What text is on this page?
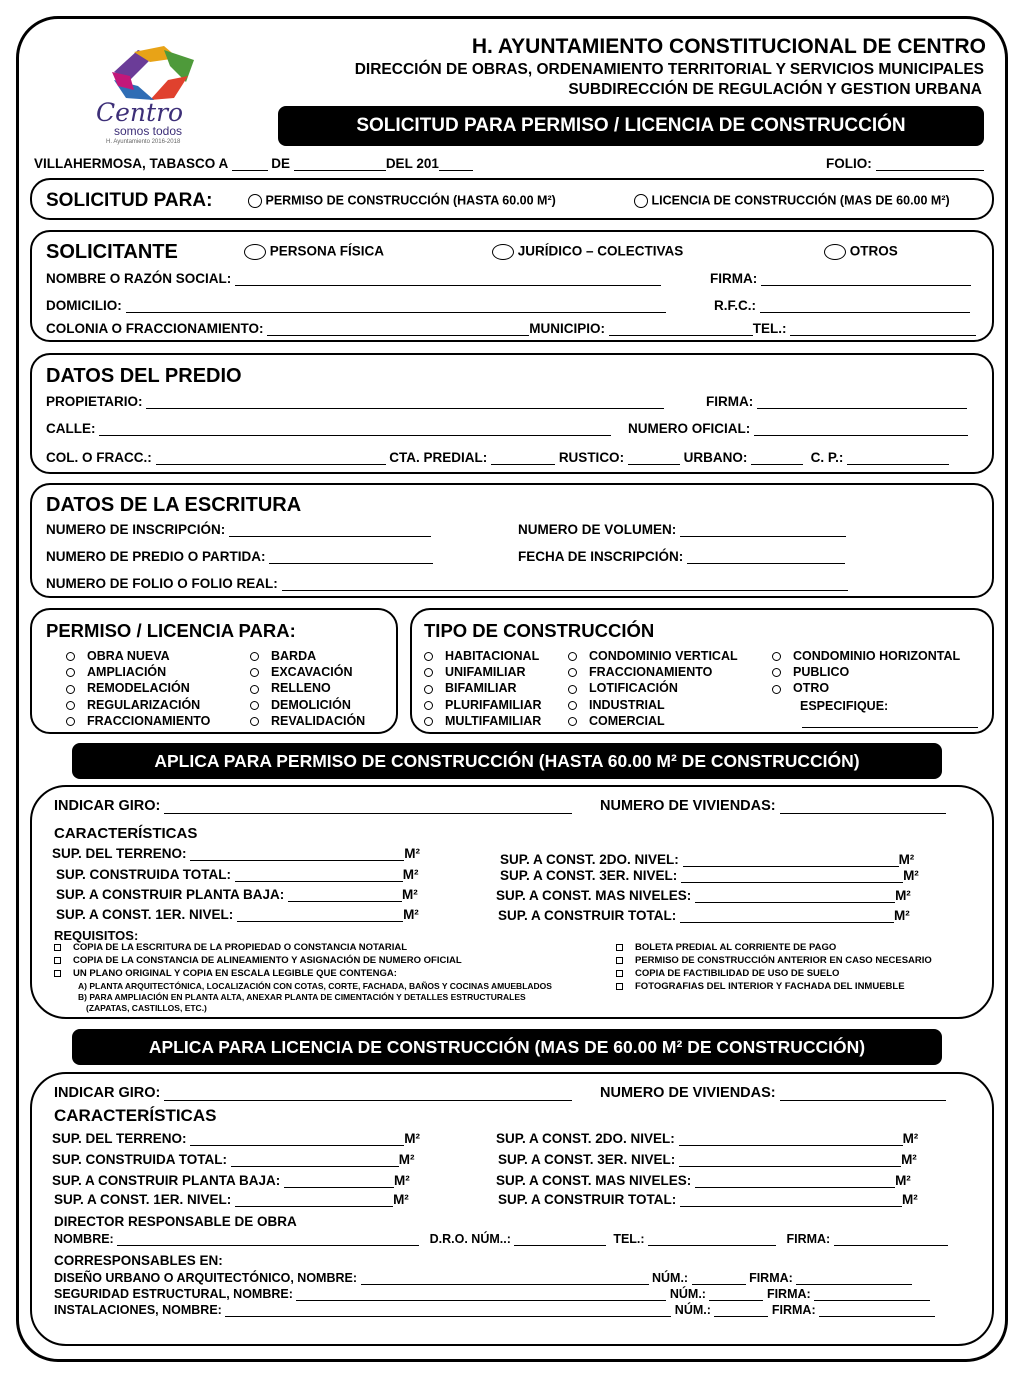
Centro
somos todos
H. Ayuntamiento 2016-2018
H. AYUNTAMIENTO CONSTITUCIONAL DE CENTRO
DIRECCIÓN DE OBRAS, ORDENAMIENTO TERRITORIAL Y SERVICIOS MUNICIPALES
SUBDIRECCIÓN DE REGULACIÓN Y GESTION URBANA
SOLICITUD PARA PERMISO / LICENCIA DE CONSTRUCCIÓN
VILLAHERMOSA, TABASCO A	DE	DEL 201	FOLIO:
SOLICITUD PARA:	PERMISO DE CONSTRUCCIÓN (HASTA 60.00 M²)	LICENCIA DE CONSTRUCCIÓN (MAS DE 60.00 M²)
SOLICITANTE	PERSONA FÍSICA	JURÍDICO – COLECTIVAS	OTROS
NOMBRE O RAZÓN SOCIAL:	FIRMA:
DOMICILIO:	R.F.C.:
COLONIA O FRACCIONAMIENTO:	MUNICIPIO:	TEL.:
DATOS DEL PREDIO
PROPIETARIO:	FIRMA:
CALLE:	NUMERO OFICIAL:
COL. O FRACC.:	CTA. PREDIAL:	RUSTICO:	URBANO:	C. P.:
DATOS DE LA ESCRITURA
NUMERO DE INSCRIPCIÓN:	NUMERO DE VOLUMEN:
NUMERO DE PREDIO O PARTIDA:	FECHA DE INSCRIPCIÓN:
NUMERO DE FOLIO O FOLIO REAL:
PERMISO / LICENCIA PARA:
OBRA NUEVA
AMPLIACIÓN
REMODELACIÓN
REGULARIZACIÓN
FRACCIONAMIENTO
BARDA
EXCAVACIÓN
RELLENO
DEMOLICIÓN
REVALIDACIÓN
TIPO DE CONSTRUCCIÓN
HABITACIONAL
UNIFAMILIAR
BIFAMILIAR
PLURIFAMILIAR
MULTIFAMILIAR
CONDOMINIO VERTICAL
FRACCIONAMIENTO
LOTIFICACIÓN
INDUSTRIAL
COMERCIAL
CONDOMINIO HORIZONTAL
PUBLICO
OTRO
ESPECIFIQUE:
APLICA PARA PERMISO DE CONSTRUCCIÓN (HASTA 60.00 M² DE CONSTRUCCIÓN)
INDICAR GIRO:	NUMERO DE VIVIENDAS:
CARACTERÍSTICAS
SUP. DEL TERRENO:	M²
SUP. CONSTRUIDA TOTAL:	M²
SUP. A CONSTRUIR PLANTA BAJA:	M²
SUP. A CONST. 1ER. NIVEL:	M²
SUP. A CONST. 2DO. NIVEL:	M²
SUP. A CONST. 3ER. NIVEL:	M²
SUP. A CONST. MAS NIVELES:	M²
SUP. A CONSTRUIR TOTAL:	M²
REQUISITOS:
COPIA DE LA ESCRITURA DE LA PROPIEDAD O CONSTANCIA NOTARIAL
COPIA DE LA CONSTANCIA DE ALINEAMIENTO Y ASIGNACIÓN DE NUMERO OFICIAL
UN PLANO ORIGINAL Y COPIA EN ESCALA LEGIBLE QUE CONTENGA:
A) PLANTA ARQUITECTÓNICA, LOCALIZACIÓN CON COTAS, CORTE, FACHADA, BAÑOS Y COCINAS AMUEBLADOS
B) PARA AMPLIACIÓN EN PLANTA ALTA, ANEXAR PLANTA DE CIMENTACIÓN Y DETALLES ESTRUCTURALES
(ZAPATAS, CASTILLOS, ETC.)
BOLETA PREDIAL AL CORRIENTE DE PAGO
PERMISO DE CONSTRUCCIÓN ANTERIOR EN CASO NECESARIO
COPIA DE FACTIBILIDAD DE USO DE SUELO
FOTOGRAFIAS DEL INTERIOR Y FACHADA DEL INMUEBLE
APLICA PARA LICENCIA DE CONSTRUCCIÓN (MAS DE 60.00 M² DE CONSTRUCCIÓN)
INDICAR GIRO:	NUMERO DE VIVIENDAS:
CARACTERÍSTICAS
SUP. DEL TERRENO:	M²
SUP. CONSTRUIDA TOTAL:	M²
SUP. A CONSTRUIR PLANTA BAJA:	M²
SUP. A CONST. 1ER. NIVEL:	M²
SUP. A CONST. 2DO. NIVEL:	M²
SUP. A CONST. 3ER. NIVEL:	M²
SUP. A CONST. MAS NIVELES:	M²
SUP. A CONSTRUIR TOTAL:	M²
DIRECTOR RESPONSABLE DE OBRA
NOMBRE:	D.R.O. NÚM..:	TEL.:	FIRMA:
CORRESPONSABLES EN:
DISEÑO URBANO O ARQUITECTÓNICO, NOMBRE:	NÚM.:	FIRMA:
SEGURIDAD ESTRUCTURAL, NOMBRE:	NÚM.:	FIRMA:
INSTALACIONES, NOMBRE:	NÚM.:	FIRMA:
